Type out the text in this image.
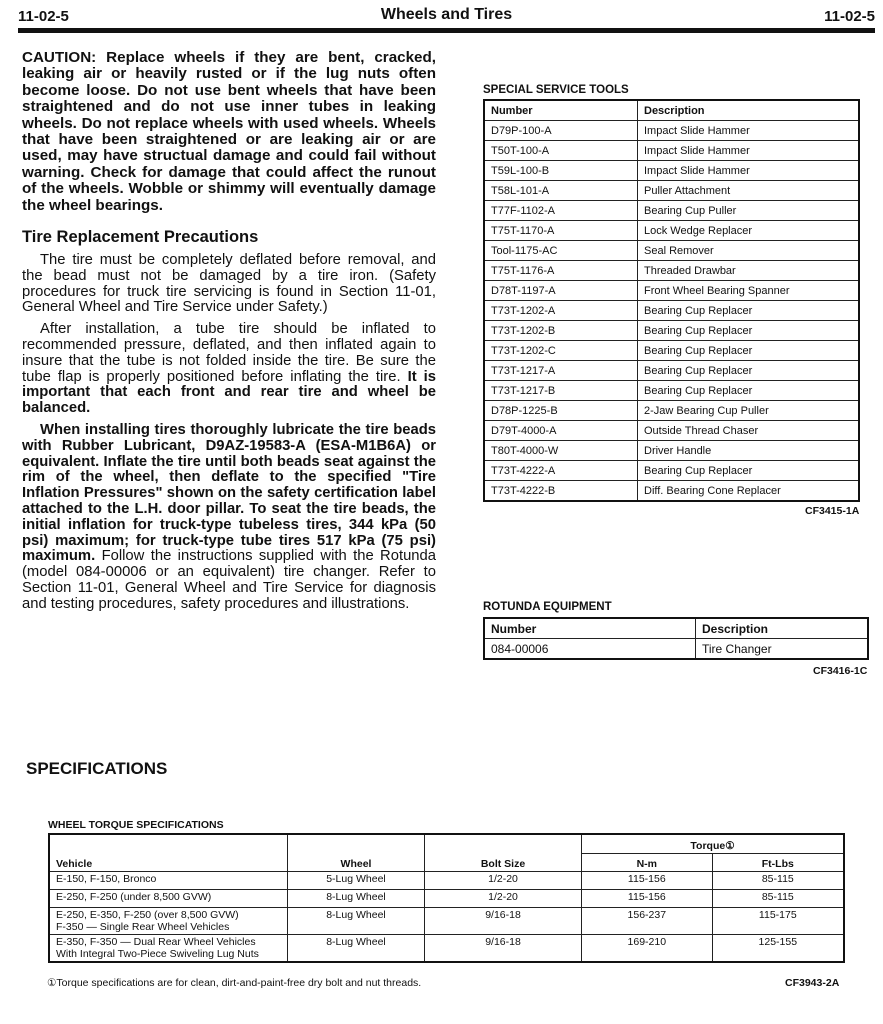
11-02-5	Wheels and Tires	11-02-5

CAUTION: Replace wheels if they are bent, cracked, leaking air or heavily rusted or if the lug nuts often become loose. Do not use bent wheels that have been straightened and do not use inner tubes in leaking wheels. Do not replace wheels with used wheels. Wheels that have been straightened or are leaking air or are used, may have structual damage and could fail without warning. Check for damage that could affect the runout of the wheels. Wobble or shimmy will eventually damage the wheel bearings.

Tire Replacement Precautions

The tire must be completely deflated before removal, and the bead must not be damaged by a tire iron. (Safety procedures for truck tire servicing is found in Section 11-01, General Wheel and Tire Service under Safety.)

After installation, a tube tire should be inflated to recommended pressure, deflated, and then inflated again to insure that the tube is not folded inside the tire. Be sure the tube flap is properly positioned before inflating the tire. It is important that each front and rear tire and wheel be balanced.

When installing tires thoroughly lubricate the tire beads with Rubber Lubricant, D9AZ-19583-A (ESA-M1B6A) or equivalent. Inflate the tire until both beads seat against the rim of the wheel, then deflate to the specified "Tire Inflation Pressures" shown on the safety certification label attached to the L.H. door pillar. To seat the tire beads, the initial inflation for truck-type tubeless tires, 344 kPa (50 psi) maximum; for truck-type tube tires 517 kPa (75 psi) maximum. Follow the instructions supplied with the Rotunda (model 084-00006 or an equivalent) tire changer. Refer to Section 11-01, General Wheel and Tire Service for diagnosis and testing procedures, safety procedures and illustrations.

SPECIAL SERVICE TOOLS
Number	Description
D79P-100-A	Impact Slide Hammer
T50T-100-A	Impact Slide Hammer
T59L-100-B	Impact Slide Hammer
T58L-101-A	Puller Attachment
T77F-1102-A	Bearing Cup Puller
T75T-1170-A	Lock Wedge Replacer
Tool-1175-AC	Seal Remover
T75T-1176-A	Threaded Drawbar
D78T-1197-A	Front Wheel Bearing Spanner
T73T-1202-A	Bearing Cup Replacer
T73T-1202-B	Bearing Cup Replacer
T73T-1202-C	Bearing Cup Replacer
T73T-1217-A	Bearing Cup Replacer
T73T-1217-B	Bearing Cup Replacer
D78P-1225-B	2-Jaw Bearing Cup Puller
D79T-4000-A	Outside Thread Chaser
T80T-4000-W	Driver Handle
T73T-4222-A	Bearing Cup Replacer
T73T-4222-B	Diff. Bearing Cone Replacer
CF3415-1A
ROTUNDA EQUIPMENT
Number	Description
084-00006	Tire Changer
CF3416-1C
SPECIFICATIONS
WHEEL TORQUE SPECIFICATIONS
Vehicle	Wheel	Bolt Size	Torque①	
			N-m	Ft-Lbs

E-150, F-150, Bronco	5-Lug Wheel	1/2-20	115-156	85-115

E-250, F-250 (under 8,500 GVW)	8-Lug Wheel	1/2-20	115-156	85-115

E-250, E-350, F-250 (over 8,500 GVW)
F-350 — Single Rear Wheel Vehicles	8-Lug Wheel	9/16-18	156-237	115-175

E-350, F-350 — Dual Rear Wheel Vehicles
With Integral Two-Piece Swiveling Lug Nuts	8-Lug Wheel	9/16-18	169-210	125-155
①Torque specifications are for clean, dirt-and-paint-free dry bolt and nut threads.	CF3943-2A
